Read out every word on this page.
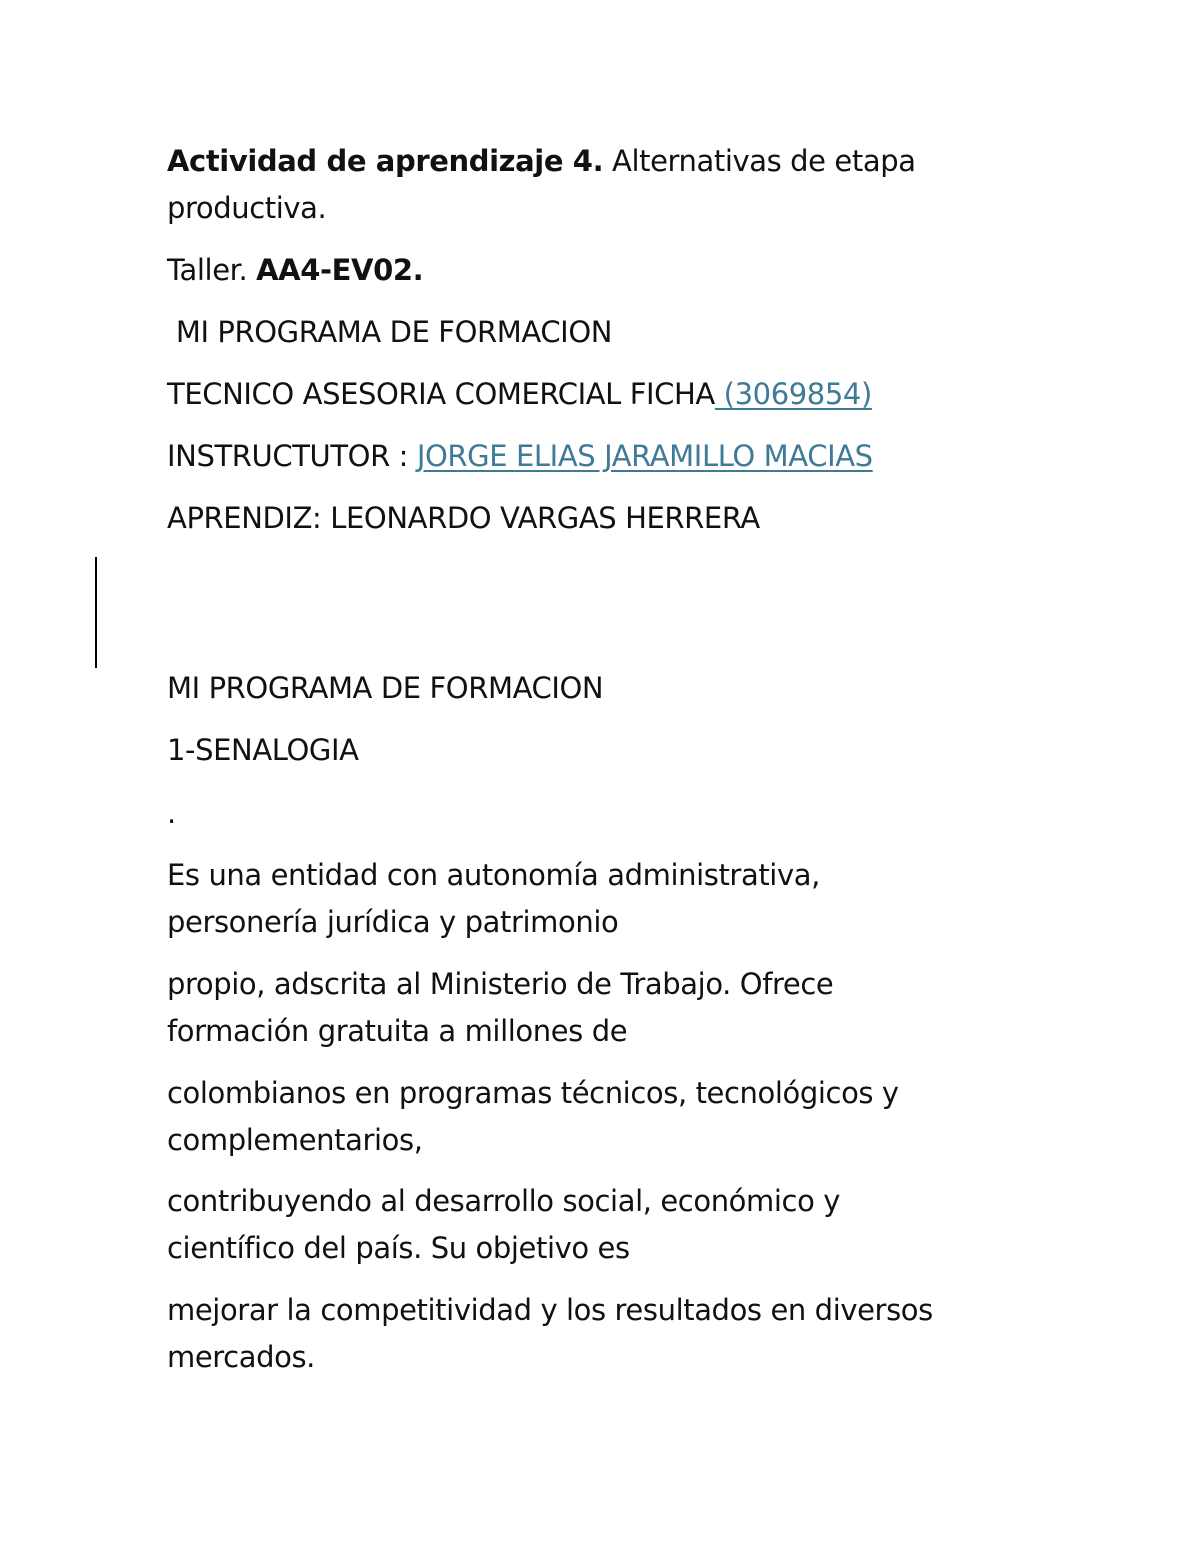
Actividad de aprendizaje 4. Alternativas de etapa
productiva.
Taller. AA4-EV02.
MI PROGRAMA DE FORMACION
TECNICO ASESORIA COMERCIAL FICHA (3069854)
INSTRUCTUTOR : JORGE ELIAS JARAMILLO MACIAS
APRENDIZ: LEONARDO VARGAS HERRERA
MI PROGRAMA DE FORMACION
1-SENALOGIA
.
Es una entidad con autonomía administrativa,
personería jurídica y patrimonio
propio, adscrita al Ministerio de Trabajo. Ofrece
formación gratuita a millones de
colombianos en programas técnicos, tecnológicos y
complementarios,
contribuyendo al desarrollo social, económico y
científico del país. Su objetivo es
mejorar la competitividad y los resultados en diversos
mercados.
